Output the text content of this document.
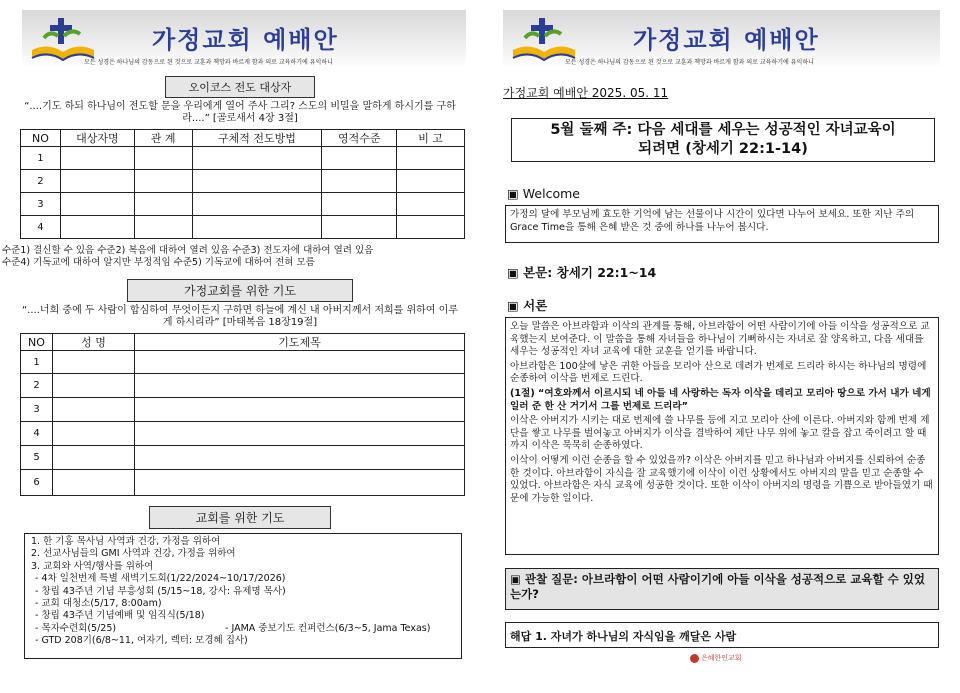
가정교회 예배안
모든 성경은 하나님의 감동으로 된 것으로 교훈과 책망과 바르게 함과 의로 교육하기에 유익하니
오이코스 전도 대상자
“....기도 하되 하나님이 전도할 문을 우리에게 열어 주사 그리? 스도의 비밀을 말하게 하시기를 구하라....” [골로새서 4장 3절]
NO	대상자명	관 계	구체적 전도방법	영적수준	비 고
1					
2					
3					
4					
수준1) 결신할 수 있음 수준2) 복음에 대하여 열려 있음 수준3) 전도자에 대하여 열려 있음
수준4) 기독교에 대하여 알지만 부정적임 수준5) 기독교에 대하여 전혀 모름
가정교회를 위한 기도
“....너희 중에 두 사람이 합심하여 무엇이든지 구하면 하늘에 계신 내 아버지께서 저희를 위하여 이루게 하시리라” [마태복음 18장19절]
NO	성 명	기도제목
1		
2		
3		
4		
5		
6		
교회를 위한 기도
1. 한 기홍 목사님 사역과 건강, 가정을 위하여
2. 선교사님들의 GMI 사역과 건강, 가정을 위하여
3. 교회와 사역/행사를 위하여
- 4차 일천번제 특별 새벽기도회(1/22/2024~10/17/2026)
- 창립 43주년 기념 부흥성회 (5/15~18, 강사: 유제명 목사)
- 교회 대청소(5/17, 8:00am)
- 창립 43주년 기념예배 및 임직식(5/18)
- 목자수련회(5/25)	- JAMA 중보기도 컨퍼런스(6/3~5, Jama Texas)
- GTD 208기(6/8~11, 여자기, 렉터: 모경혜 집사)
가정교회 예배안
모든 성경은 하나님의 감동으로 된 것으로 교훈과 책망과 바르게 함과 의로 교육하기에 유익하니
가정교회 예배안 2025. 05. 11
5월 둘째 주: 다음 세대를 세우는 성공적인 자녀교육이
되려면 (창세기 22:1-14)
▣ Welcome
가정의 달에 부모님께 효도한 기억에 남는 선물이나 시간이 있다면 나누어 보세요. 또한 지난 주의 Grace Time을 통해 은혜 받은 것 중에 하나를 나누어 봅시다.
▣ 본문: 창세기 22:1~14
▣ 서론

오늘 말씀은 아브라함과 이삭의 관계를 통해, 아브라함이 어떤 사람이기에 아들 이삭을 성공적으로 교육했는지 보여준다. 이 말씀을 통해 자녀들을 하나님이 기뻐하시는 자녀로 잘 양육하고, 다음 세대를 세우는 성공적인 자녀 교육에 대한 교훈을 얻기를 바랍니다.

아브라함은 100살에 낳은 귀한 아들을 모리아 산으로 데려가 번제로 드리라 하시는 하나님의 명령에 순종하여 이삭을 번제로 드린다.

(1절) “여호와께서 이르시되 네 아들 네 사랑하는 독자 이삭을 데리고 모리아 땅으로 가서 내가 네게 일러 준 한 산 거기서 그를 번제로 드리라”

이삭은 아버지가 시키는 대로 번제에 쓸 나무를 등에 지고 모리아 산에 이른다. 아버지와 함께 번제 제단을 쌓고 나무를 벌여놓고 아버지가 이삭을 결박하여 제단 나무 위에 놓고 칼을 잡고 죽이려고 할 때까지 이삭은 묵묵히 순종하였다.

이삭이 어떻게 이런 순종을 할 수 있었을까? 이삭은 아버지를 믿고 하나님과 아버지를 신뢰하여 순종한 것이다. 아브라함이 자식을 잘 교육했기에 이삭이 이런 상황에서도 아버지의 말을 믿고 순종할 수 있었다. 아브라함은 자식 교육에 성공한 것이다. 또한 이삭이 아버지의 명령을 기쁨으로 받아들였기 때문에 가능한 일이다.

▣ 관찰 질문: 아브라함이 어떤 사람이기에 아들 이삭을 성공적으로 교육할 수 있었는가?
해답 1. 자녀가 하나님의 자식임을 깨달은 사람
은혜한인교회
